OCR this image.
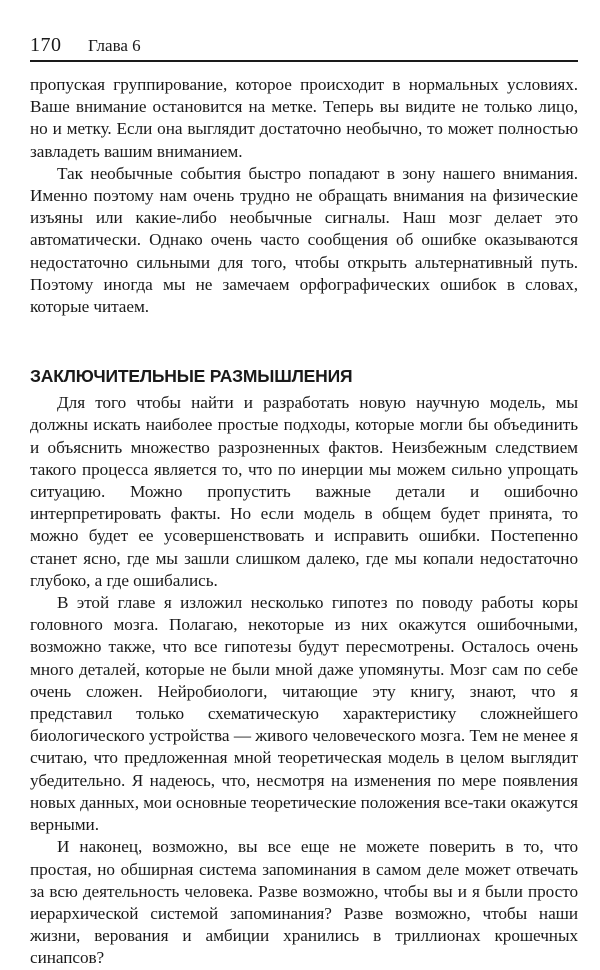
170 Глава 6

пропуская группирование, которое происходит в нормальных условиях. Ваше внимание остановится на метке. Теперь вы видите не только лицо, но и метку. Если она выглядит достаточно необычно, то может полностью завладеть вашим вниманием.

Так необычные события быстро попадают в зону нашего внимания. Именно поэтому нам очень трудно не обращать внимания на физические изъяны или какие-либо необычные сигналы. Наш мозг делает это автоматически. Однако очень часто сообщения об ошибке оказываются недостаточно сильными для того, чтобы открыть альтернативный путь. Поэтому иногда мы не замечаем орфографических ошибок в словах, которые читаем.

ЗАКЛЮЧИТЕЛЬНЫЕ РАЗМЫШЛЕНИЯ

Для того чтобы найти и разработать новую научную модель, мы должны искать наиболее простые подходы, которые могли бы объединить и объяснить множество разрозненных фактов. Неизбежным следствием такого процесса является то, что по инерции мы можем сильно упрощать ситуацию. Можно пропустить важные детали и ошибочно интерпретировать факты. Но если модель в общем будет принята, то можно будет ее усовершенствовать и исправить ошибки. Постепенно станет ясно, где мы зашли слишком далеко, где мы копали недостаточно глубоко, а где ошибались.

В этой главе я изложил несколько гипотез по поводу работы коры головного мозга. Полагаю, некоторые из них окажутся ошибочными, возможно также, что все гипотезы будут пересмотрены. Осталось очень много деталей, которые не были мной даже упомянуты. Мозг сам по себе очень сложен. Нейробиологи, читающие эту книгу, знают, что я представил только схематическую характеристику сложнейшего биологического устройства — живого человеческого мозга. Тем не менее я считаю, что предложенная мной теоретическая модель в целом выглядит убедительно. Я надеюсь, что, несмотря на изменения по мере появления новых данных, мои основные теоретические положения все-таки окажутся верными.

И наконец, возможно, вы все еще не можете поверить в то, что простая, но обширная система запоминания в самом деле может отвечать за всю деятельность человека. Разве возможно, чтобы вы и я были просто иерархической системой запоминания? Разве возможно, чтобы наши жизни, верования и амбиции хранились в триллионах крошечных синапсов?
